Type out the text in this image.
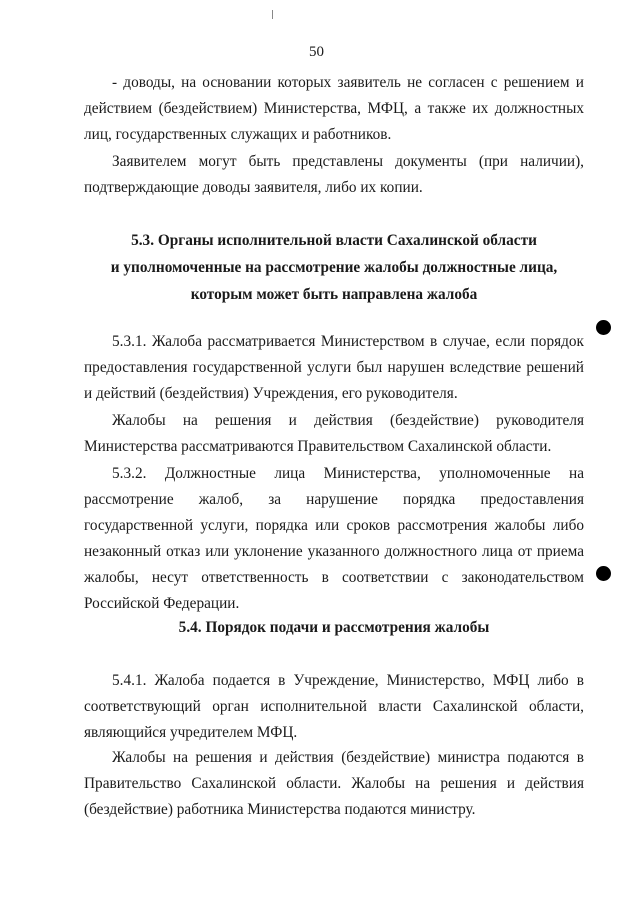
50

- доводы, на основании которых заявитель не согласен с решением и действием (бездействием) Министерства, МФЦ, а также их должностных лиц, государственных служащих и работников.

Заявителем могут быть представлены документы (при наличии), подтверждающие доводы заявителя, либо их копии.

5.3. Органы исполнительной власти Сахалинской области
и уполномоченные на рассмотрение жалобы должностные лица,
которым может быть направлена жалоба

5.3.1. Жалоба рассматривается Министерством в случае, если порядок предоставления государственной услуги был нарушен вследствие решений и действий (бездействия) Учреждения, его руководителя.

Жалобы на решения и действия (бездействие) руководителя Министерства рассматриваются Правительством Сахалинской области.

5.3.2. Должностные лица Министерства, уполномоченные на рассмотрение жалоб, за нарушение порядка предоставления государственной услуги, порядка или сроков рассмотрения жалобы либо незаконный отказ или уклонение указанного должностного лица от приема жалобы, несут ответственность в соответствии с законодательством Российской Федерации.

5.4. Порядок подачи и рассмотрения жалобы

5.4.1. Жалоба подается в Учреждение, Министерство, МФЦ либо в соответствующий орган исполнительной власти Сахалинской области, являющийся учредителем МФЦ.

Жалобы на решения и действия (бездействие) министра подаются в Правительство Сахалинской области. Жалобы на решения и действия (бездействие) работника Министерства подаются министру.
